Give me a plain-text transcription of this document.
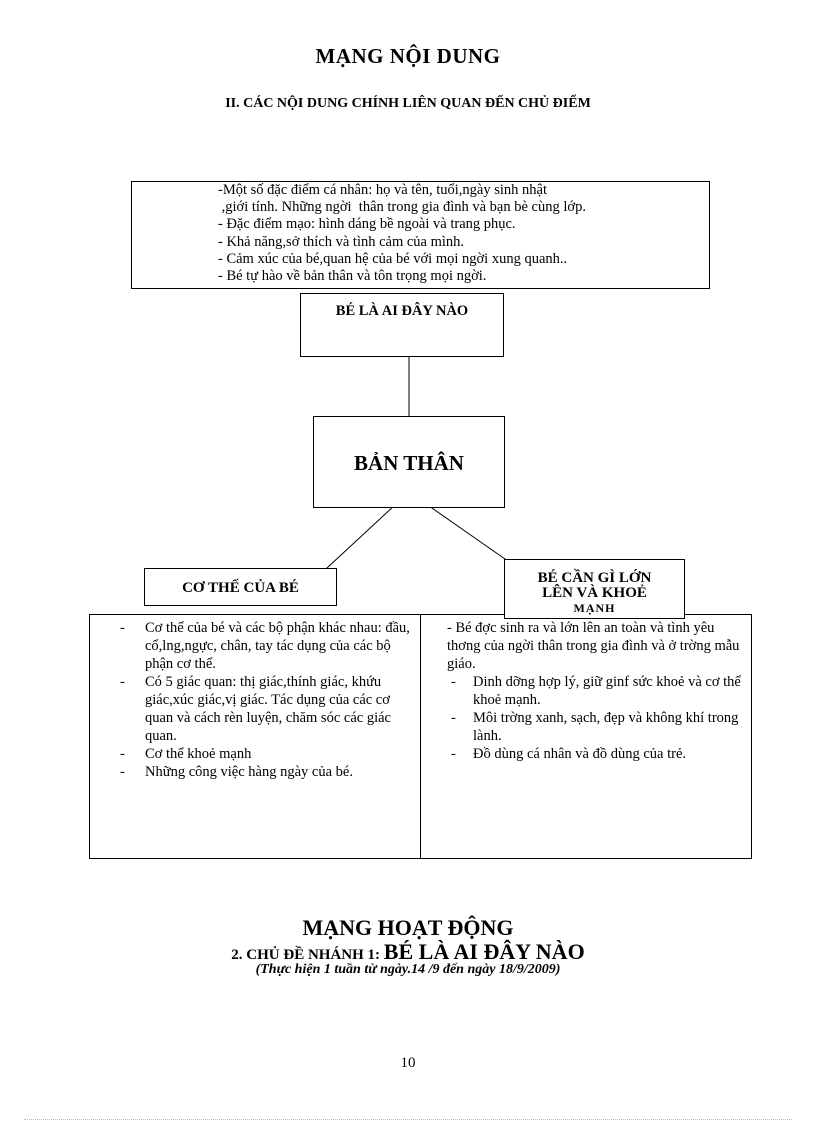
MẠNG NỘI DUNG
II. CÁC NỘI DUNG CHÍNH LIÊN QUAN ĐẾN CHỦ ĐIỂM
-Một số đặc điểm cá nhân: họ và tên, tuổi,ngày sinh nhật
,giới tính. Những ngời  thân trong gia đình và bạn bè cùng lớp.
- Đặc điểm mạo: hình dáng bề ngoài và trang phục.
- Khả năng,sở thích và tình cảm của mình.
- Cảm xúc của bé,quan hệ của bé với mọi ngời xung quanh..
- Bé tự hào về bản thân và tôn trọng mọi ngời.
BÉ LÀ AI ĐÂY NÀO
BẢN THÂN
CƠ THẾ CỦA BÉ
- Cơ thể của bé và các bộ phận khác nhau: đầu, cổ,lng,ngực, chân, tay tác dụng của các bộ phận cơ thể.
- Có 5 giác quan: thị giác,thính giác, khứu giác,xúc giác,vị giác. Tác dụng của các cơ quan và cách rèn luyện, chăm sóc các giác quan.
- Cơ thể khoẻ mạnh
- Những công việc hàng ngày của bé.
- Bé đợc sinh ra và lớn lên an toàn và tình yêu thơng của ngời thân trong gia đình và ở trờng mẫu giáo.
- Dinh dỡng hợp lý, giữ ginf sức khoẻ và cơ thể khoẻ mạnh.
- Môi trờng xanh, sạch, đẹp và không khí trong lành.
- Đồ dùng cá nhân và đồ dùng của trẻ.
BÉ CẦN GÌ LỚN
LÊN VÀ KHOẺ
MẠNH
MẠNG HOẠT ĐỘNG
2. CHỦ ĐỀ NHÁNH 1: BÉ LÀ AI ĐÂY NÀO
(Thực hiện 1 tuần từ ngày.14 /9 đến ngày 18/9/2009)
10
